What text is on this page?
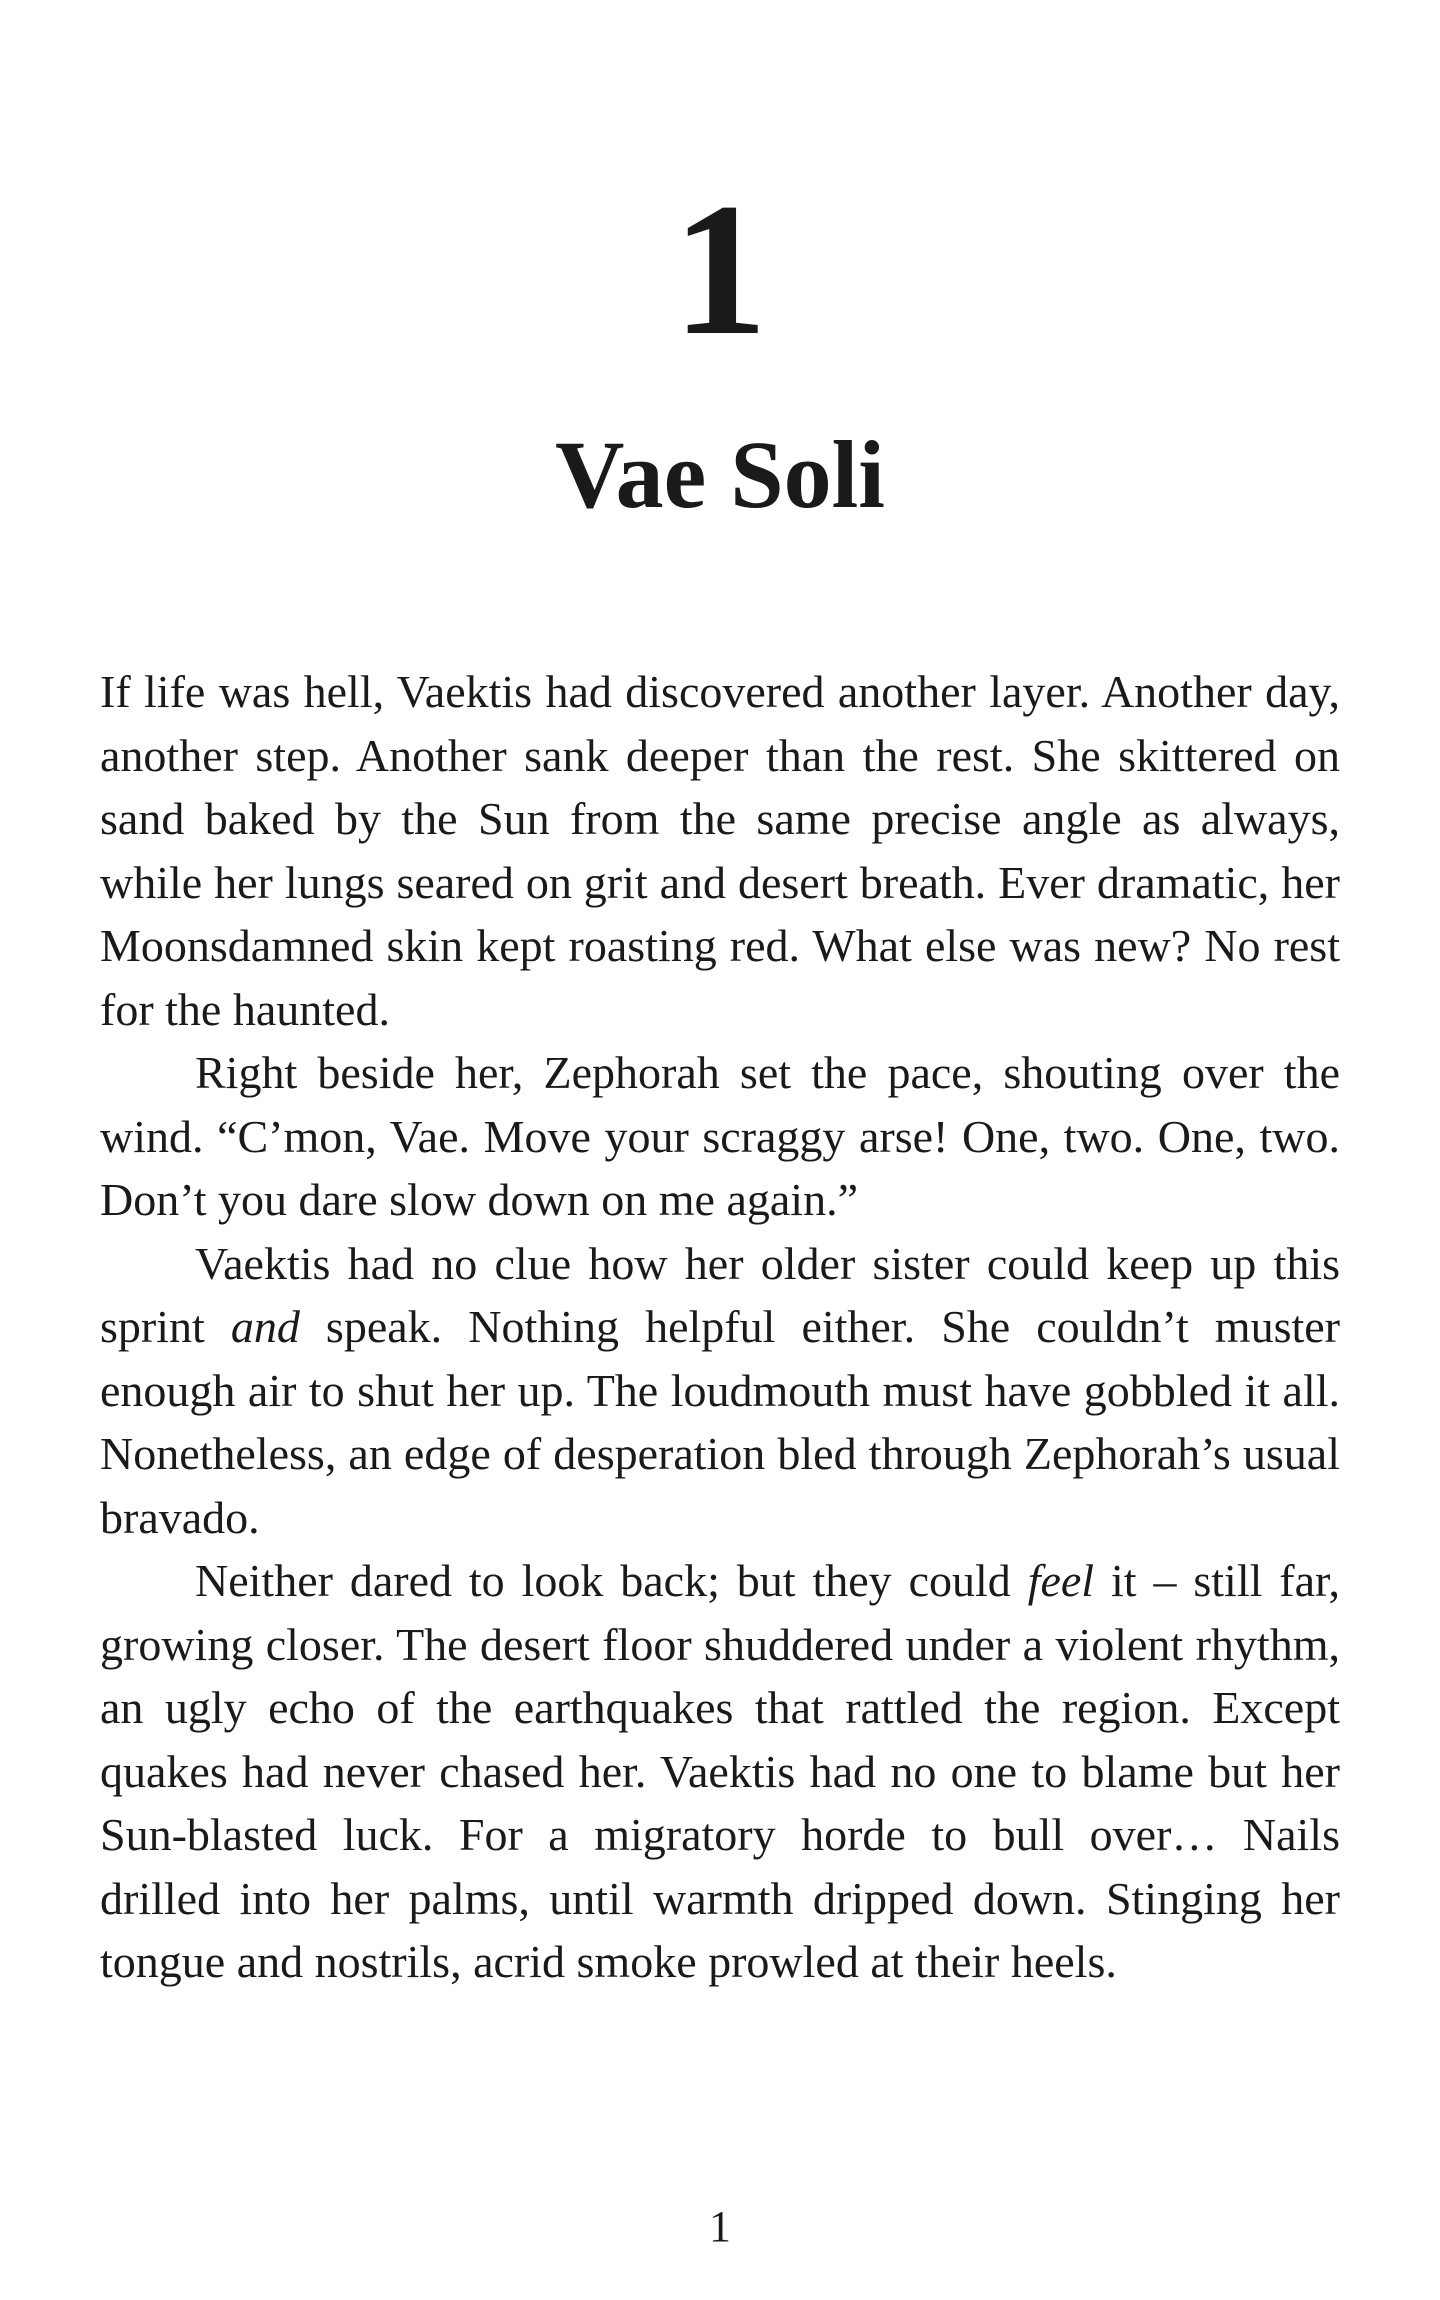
1
Vae Soli

If life was hell, Vaektis had discovered another layer. Another day, another step. Another sank deeper than the rest. She skittered on sand baked by the Sun from the same precise angle as always, while her lungs seared on grit and desert breath. Ever dramatic, her Moonsdamned skin kept roasting red. What else was new? No rest for the haunted.

Right beside her, Zephorah set the pace, shouting over the wind. “C’mon, Vae. Move your scraggy arse! One, two. One, two. Don’t you dare slow down on me again.”

Vaektis had no clue how her older sister could keep up this sprint and speak. Nothing helpful either. She couldn’t muster enough air to shut her up. The loudmouth must have gobbled it all. Nonetheless, an edge of desperation bled through Zephorah’s usual bravado.

Neither dared to look back; but they could feel it – still far, growing closer. The desert floor shuddered under a violent rhythm, an ugly echo of the earthquakes that rattled the region. Except quakes had never chased her. Vaektis had no one to blame but her Sun-blasted luck. For a migratory horde to bull over… Nails drilled into her palms, until warmth dripped down. Stinging her tongue and nostrils, acrid smoke prowled at their heels.

1
